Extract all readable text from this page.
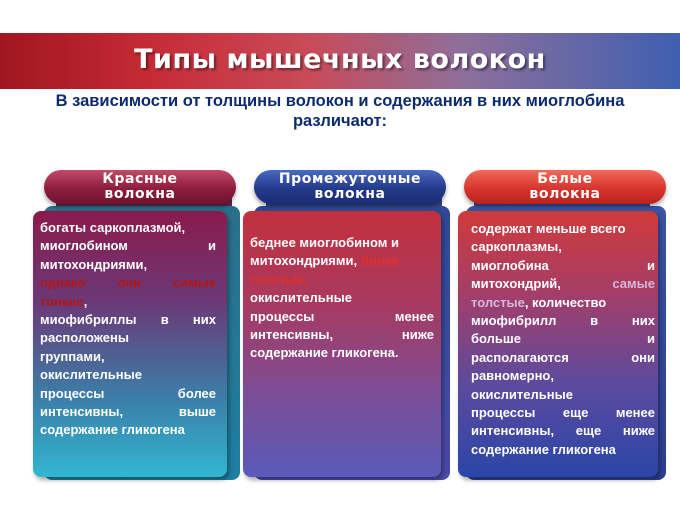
Типы мышечных волокон
В зависимости от толщины волокон и содержания в них миоглобина
различают:
Красные
волокна
богаты саркоплазмой,
миоглобином и
митохондриями,
однако они самые
тонкие,
миофибриллы в них
расположены
группами,
окислительные
процессы более
интенсивны, выше
содержание гликогена
Промежуточные
волокна
беднее миоглобином и
митохондриями, более
толстые,
окислительные
процессы менее
интенсивны, ниже
содержание гликогена.
Белые
волокна
содержат меньше всего
саркоплазмы,
миоглобина и
митохондрий,	самые
толстые, количество
миофибрилл в них
больше и
располагаются они
равномерно,
окислительные
процессы еще менее
интенсивны, еще ниже
содержание гликогена
